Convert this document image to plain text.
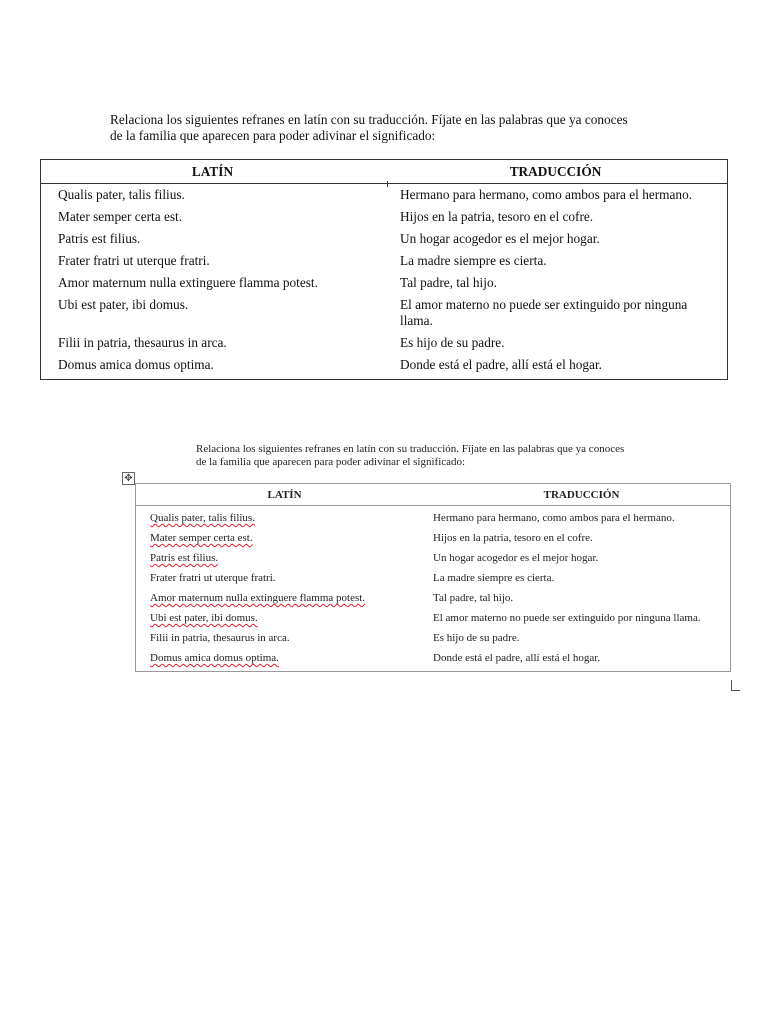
Relaciona los siguientes refranes en latín con su traducción. Fíjate en las palabras que ya conoces

de la familia que aparecen para poder adivinar el significado:

LATÍN	TRADUCCIÓN
Qualis pater, talis filius.	Hermano para hermano, como ambos para el hermano.
Mater semper certa est.	Hijos en la patria, tesoro en el cofre.
Patris est filius.	Un hogar acogedor es el mejor hogar.
Frater fratri ut uterque fratri.	La madre siempre es cierta.
Amor maternum nulla extinguere flamma potest.	Tal padre, tal hijo.
Ubi est pater, ibi domus.	El amor materno no puede ser extinguido por ninguna llama.
Filii in patria, thesaurus in arca.	Es hijo de su padre.
Domus amica domus optima.	Donde está el padre, allí está el hogar.

Relaciona los siguientes refranes en latín con su traducción. Fíjate en las palabras que ya conoces

de la familia que aparecen para poder adivinar el significado:

✥
LATÍN	TRADUCCIÓN
Qualis pater, talis filius.	Hermano para hermano, como ambos para el hermano.
Mater semper certa est.	Hijos en la patria, tesoro en el cofre.
Patris est filius.	Un hogar acogedor es el mejor hogar.
Frater fratri ut uterque fratri.	La madre siempre es cierta.
Amor maternum nulla extinguere flamma potest.	Tal padre, tal hijo.
Ubi est pater, ibi domus.	El amor materno no puede ser extinguido por ninguna llama.
Filii in patria, thesaurus in arca.	Es hijo de su padre.
Domus amica domus optima.	Donde está el padre, allí está el hogar.
